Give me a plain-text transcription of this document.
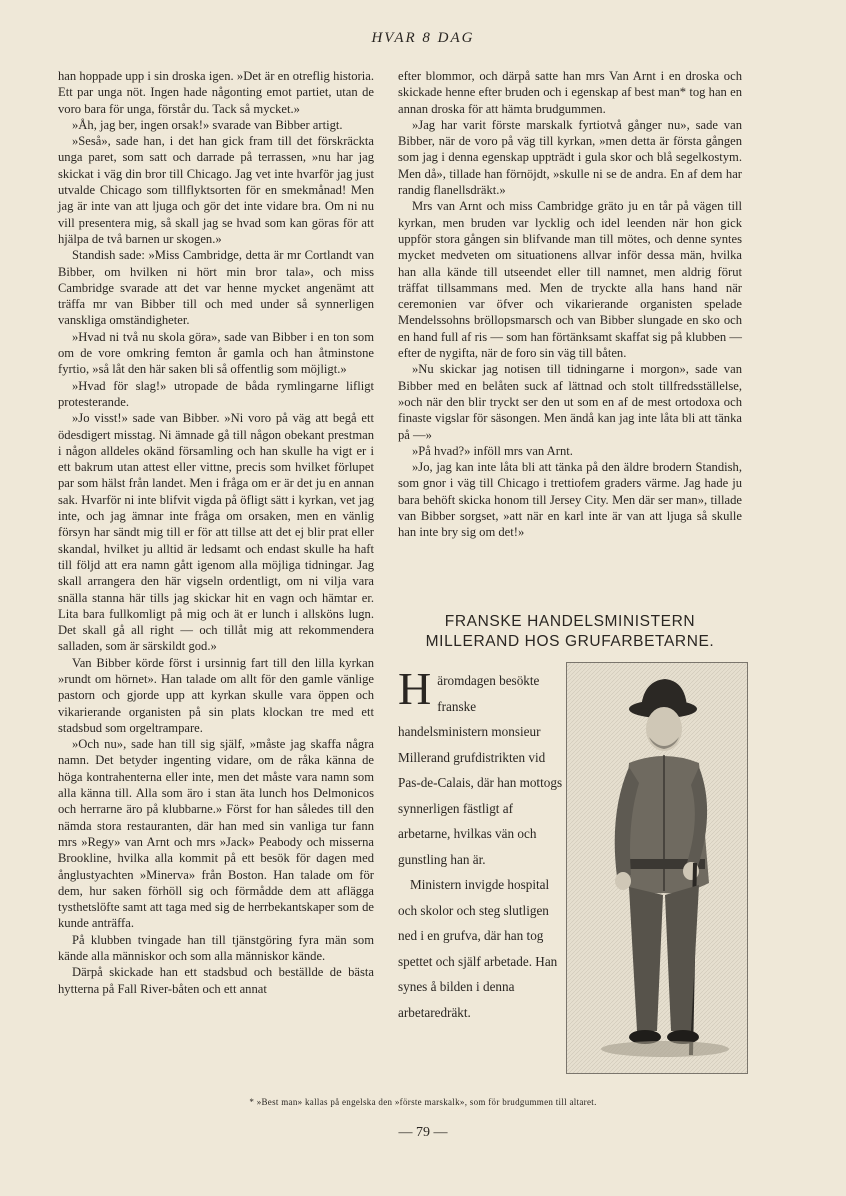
HVAR 8 DAG

han hoppade upp i sin droska igen. »Det är en otreflig historia. Ett par unga nöt. Ingen hade någonting emot partiet, utan de voro bara för unga, förstår du. Tack så mycket.»

»Åh, jag ber, ingen orsak!» svarade van Bibber artigt.

»Seså», sade han, i det han gick fram till det förskräckta unga paret, som satt och darrade på terrassen, »nu har jag skickat i väg din bror till Chicago. Jag vet inte hvarför jag just utvalde Chicago som tillflyktsorten för en smekmånad! Men jag är inte van att ljuga och gör det inte vidare bra. Om ni nu vill presentera mig, så skall jag se hvad som kan göras för att hjälpa de två barnen ur skogen.»

Standish sade: »Miss Cambridge, detta är mr Cortlandt van Bibber, om hvilken ni hört min bror tala», och miss Cambridge svarade att det var henne mycket angenämt att träffa mr van Bibber till och med under så synnerligen vanskliga omständigheter.

»Hvad ni två nu skola göra», sade van Bibber i en ton som om de vore omkring femton år gamla och han åtminstone fyrtio, »så låt den här saken bli så offentlig som möjligt.»

»Hvad för slag!» utropade de båda rymlingarne lifligt protesterande.

»Jo visst!» sade van Bibber. »Ni voro på väg att begå ett ödesdigert misstag. Ni ämnade gå till någon obekant prestman i någon alldeles okänd församling och han skulle ha vigt er i ett bakrum utan attest eller vittne, precis som hvilket förlupet par som hälst från landet. Men i fråga om er är det ju en annan sak. Hvarför ni inte blifvit vigda på öfligt sätt i kyrkan, vet jag inte, och jag ämnar inte fråga om orsaken, men en vänlig försyn har sändt mig till er för att tillse att det ej blir prat eller skandal, hvilket ju alltid är ledsamt och endast skulle ha haft till följd att era namn gått igenom alla möjliga tidningar. Jag skall arrangera den här vigseln ordentligt, om ni vilja vara snälla stanna här tills jag skickar hit en vagn och hämtar er. Lita bara fullkomligt på mig och ät er lunch i allsköns lugn. Det skall gå all right — och tillåt mig att rekommendera salladen, som är särskildt god.»

Van Bibber körde först i ursinnig fart till den lilla kyrkan »rundt om hörnet». Han talade om allt för den gamle vänlige pastorn och gjorde upp att kyrkan skulle vara öppen och vikarierande organisten på sin plats klockan tre med ett stadsbud som orgeltrampare.

»Och nu», sade han till sig själf, »måste jag skaffa några namn. Det betyder ingenting vidare, om de råka känna de höga kontrahenterna eller inte, men det måste vara namn som alla känna till. Alla som äro i stan äta lunch hos Delmonicos och herrarne äro på klubbarne.» Först for han således till den nämda stora restauranten, där han med sin vanliga tur fann mrs »Regy» van Arnt och mrs »Jack» Peabody och misserna Brookline, hvilka alla kommit på ett besök för dagen med ånglustyachten »Minerva» från Boston. Han talade om för dem, hur saken förhöll sig och förmådde dem att aflägga tysthetslöfte samt att taga med sig de herrbekantskaper som de kunde anträffa.

På klubben tvingade han till tjänstgöring fyra män som kände alla människor och som alla människor kände.

Därpå skickade han ett stadsbud och beställde de bästa hytterna på Fall River-båten och ett annat

efter blommor, och därpå satte han mrs Van Arnt i en droska och skickade henne efter bruden och i egenskap af best man* tog han en annan droska för att hämta brudgummen.

»Jag har varit förste marskalk fyrtiotvå gånger nu», sade van Bibber, när de voro på väg till kyrkan, »men detta är första gången som jag i denna egenskap uppträdt i gula skor och blå segelkostym. Men då», tillade han förnöjdt, »skulle ni se de andra. En af dem har randig flanellsdräkt.»

Mrs van Arnt och miss Cambridge gräto ju en tår på vägen till kyrkan, men bruden var lycklig och idel leenden när hon gick uppför stora gången sin blifvande man till mötes, och denne syntes mycket medveten om situationens allvar inför dessa män, hvilka han alla kände till utseendet eller till namnet, men aldrig förut träffat tillsammans med. Men de tryckte alla hans hand när ceremonien var öfver och vikarierande organisten spelade Mendelssohns bröllopsmarsch och van Bibber slungade en sko och en hand full af ris — som han förtänksamt skaffat sig på klubben — efter de nygifta, när de foro sin väg till båten.

»Nu skickar jag notisen till tidningarne i morgon», sade van Bibber med en belåten suck af lättnad och stolt tillfredsställelse, »och när den blir tryckt ser den ut som en af de mest ortodoxa och finaste vigslar för säsongen. Men ändå kan jag inte låta bli att tänka på —»

»På hvad?» inföll mrs van Arnt.

»Jo, jag kan inte låta bli att tänka på den äldre brodern Standish, som gnor i väg till Chicago i trettiofem graders värme. Jag hade ju bara behöft skicka honom till Jersey City. Men där ser man», tillade van Bibber sorgset, »att när en karl inte är van att ljuga så skulle han inte bry sig om det!»

FRANSKE HANDELSMINISTERN MILLERAND HOS GRUFARBETARNE.

Häromdagen besökte franske handelsministern monsieur Millerand grufdistrikten vid Pas-de-Calais, där han mottogs synnerligen fästligt af arbetarne, hvilkas vän och gunstling han är.

Ministern invigde hospital och skolor och steg slutligen ned i en grufva, där han tog spettet och själf arbetade. Han synes å bilden i denna arbetaredräkt.

* »Best man» kallas på engelska den »förste marskalk», som för brudgummen till altaret.
— 79 —
